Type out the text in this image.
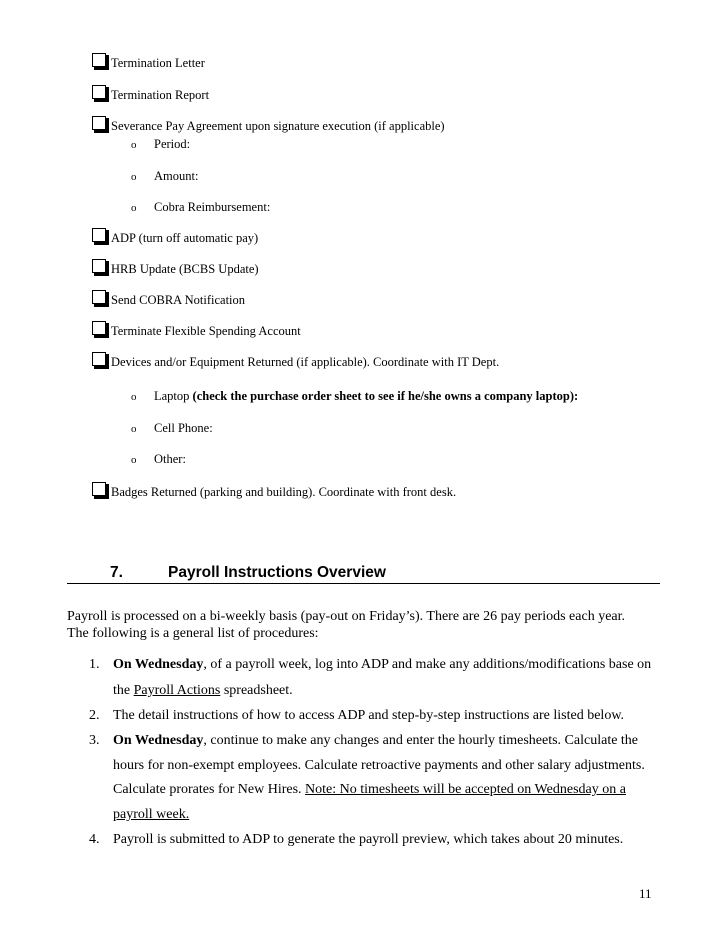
Termination Letter
Termination Report
Severance Pay Agreement upon signature execution (if applicable)
o	Period:
o	Amount:
o	Cobra Reimbursement:
ADP (turn off automatic pay)
HRB Update (BCBS Update)
Send COBRA Notification
Terminate Flexible Spending Account
Devices and/or Equipment Returned (if applicable). Coordinate with IT Dept.
o	Laptop
(check the purchase order sheet to see if he/she owns a company laptop):
o	Cell Phone:
o	Other:
Badges Returned (parking and building). Coordinate with front desk.
7.	Payroll Instructions Overview
Payroll is processed on a bi-weekly basis (pay-out on Friday’s). There are 26 pay periods each year.
The following is a general list of procedures:
1. On Wednesday, of a payroll week, log into ADP and make any additions/modifications base on
the Payroll Actions spreadsheet.
2. The detail instructions of how to access ADP and step-by-step instructions are listed below.
3. On Wednesday, continue to make any changes and enter the hourly timesheets. Calculate the
hours for non-exempt employees. Calculate retroactive payments and other salary adjustments.
Calculate prorates for New Hires. Note: No timesheets will be accepted on Wednesday on a
payroll week.
4. Payroll is submitted to ADP to generate the payroll preview, which takes about 20 minutes.
11
